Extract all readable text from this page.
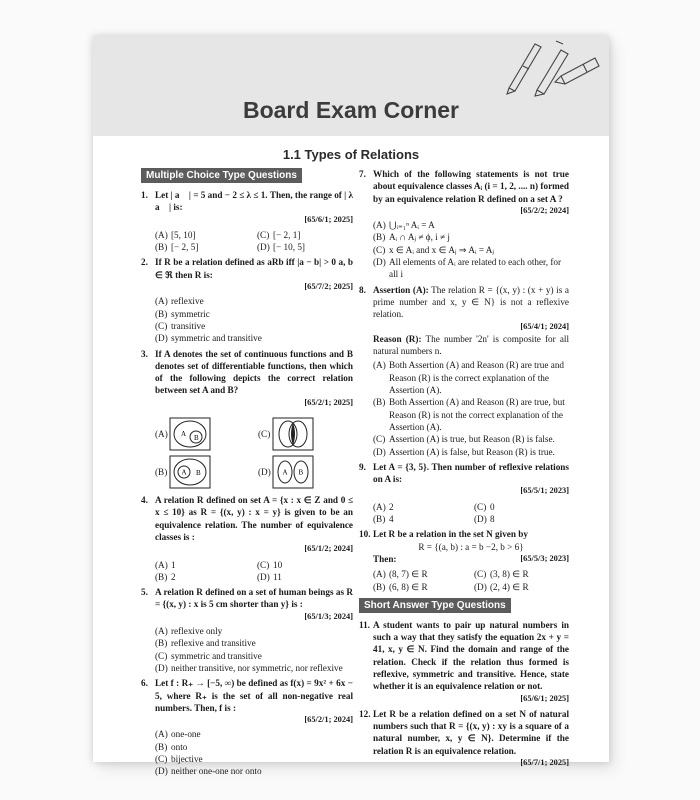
Board Exam Corner
1.1 Types of Relations
Multiple Choice Type Questions
1. Let | a⃗ | = 5 and − 2 ≤ λ ≤ 1. Then, the range of | λ a⃗ | is:
[65/6/1; 2025]
(A) [5, 10]	(C) [− 2, 1]
(B) [− 2, 5]	(D) [− 10, 5]
2. If R be a relation defined as aRb iff |a − b| > 0 a, b ∈ ℜ then R is:
[65/7/2; 2025]
(A) reflexive
(B) symmetric
(C) transitive
(D) symmetric and transitive
3. If A denotes the set of continuous functions and B denotes set of differentiable functions, then which of the following depicts the correct relation between set A and B?
[65/2/1; 2025]
(A) A B	(C)
(B) A B	(D) A B
4. A relation R defined on set A = {x : x ∈ Z and 0 ≤ x ≤ 10} as R = {(x, y) : x = y} is given to be an equivalence relation. The number of equivalence classes is :
[65/1/2; 2024]
(A) 1	(C) 10
(B) 2	(D) 11
5. A relation R defined on a set of human beings as R = {(x, y) : x is 5 cm shorter than y} is :
[65/1/3; 2024]
(A) reflexive only
(B) reflexive and transitive
(C) symmetric and transitive
(D) neither transitive, nor symmetric, nor reflexive
6. Let f : R₊ → [−5, ∞) be defined as f(x) = 9x² + 6x − 5, where R₊ is the set of all non-negative real numbers. Then, f is :
[65/2/1; 2024]
(A) one-one
(B) onto
(C) bijective
(D) neither one-one nor onto
7. Which of the following statements is not true about equivalence classes Aᵢ (i = 1, 2, .... n) formed by an equivalence relation R defined on a set A ?
[65/2/2; 2024]
(A) ⋃ᵢ₌₁ⁿ Aᵢ = A
(B) Aᵢ ∩ Aⱼ ≠ ϕ, i ≠ j
(C) x ∈ Aᵢ and x ∈ Aⱼ ⇒ Aᵢ = Aⱼ
(D) All elements of Aᵢ are related to each other, for all i
8. Assertion (A): The relation R = {(x, y) : (x + y) is a prime number and x, y ∈ N} is not a reflexive relation.
[65/4/1; 2024]
Reason (R): The number '2n' is composite for all natural numbers n.
(A) Both Assertion (A) and Reason (R) are true and Reason (R) is the correct explanation of the Assertion (A).
(B) Both Assertion (A) and Reason (R) are true, but Reason (R) is not the correct explanation of the Assertion (A).
(C) Assertion (A) is true, but Reason (R) is false.
(D) Assertion (A) is false, but Reason (R) is true.
9. Let A = {3, 5}. Then number of reflexive relations on A is:
[65/5/1; 2023]
(A) 2	(C) 0
(B) 4	(D) 8
10. Let R be a relation in the set N given by
R = {(a, b) : a = b −2, b > 6}
Then:	[65/5/3; 2023]
(A) (8, 7) ∈ R	(C) (3, 8) ∈ R
(B) (6, 8) ∈ R	(D) (2, 4) ∈ R
Short Answer Type Questions
11. A student wants to pair up natural numbers in such a way that they satisfy the equation 2x + y = 41, x, y ∈ N. Find the domain and range of the relation. Check if the relation thus formed is reflexive, symmetric and transitive. Hence, state whether it is an equivalence relation or not.
[65/6/1; 2025]
12. Let R be a relation defined on a set N of natural numbers such that R = {(x, y) : xy is a square of a natural number, x, y ∈ N}. Determine if the relation R is an equivalence relation.
[65/7/1; 2025]
